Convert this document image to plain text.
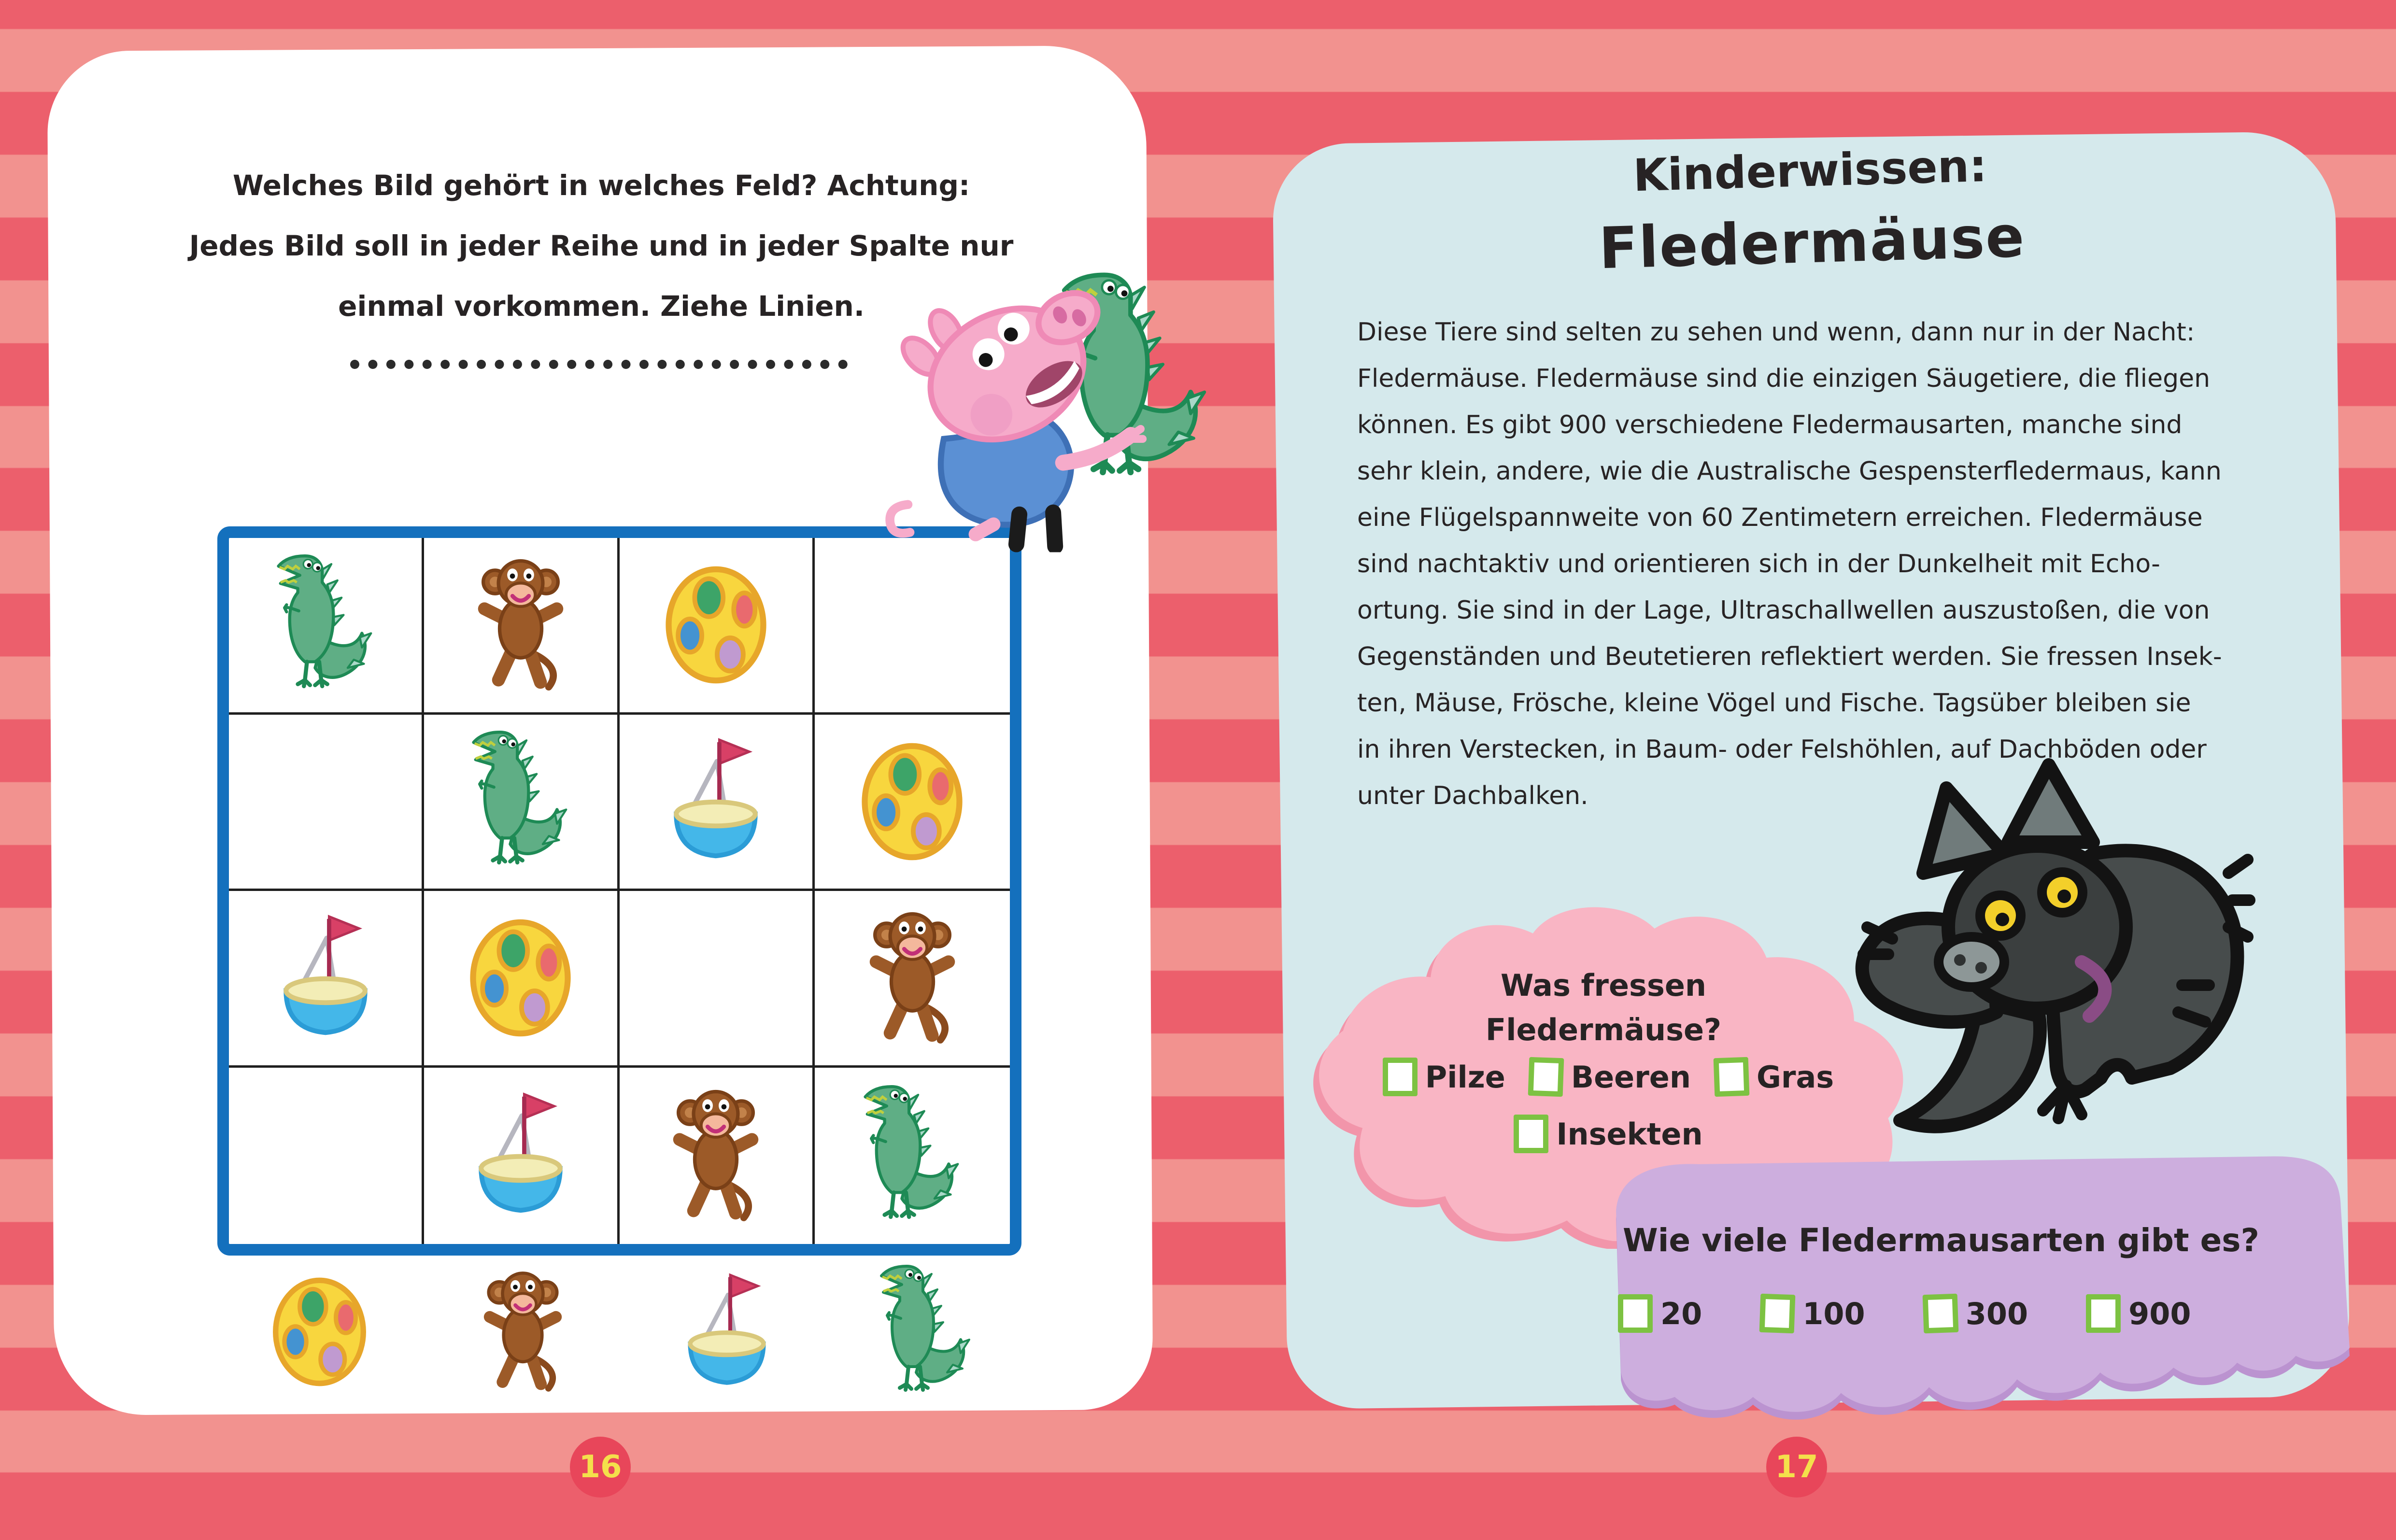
Welches Bild gehört in welches Feld? Achtung:
Jedes Bild soll in jeder Reihe und in jeder Spalte nur
einmal vorkommen. Ziehe Linien.
Kinderwissen:
Fledermäuse
Diese Tiere sind selten zu sehen und wenn, dann nur in der Nacht:
Fledermäuse. Fledermäuse sind die einzigen Säugetiere, die fliegen
können. Es gibt 900 verschiedene Fledermausarten, manche sind
sehr klein, andere, wie die Australische Gespensterfledermaus, kann
eine Flügelspannweite von 60 Zentimetern erreichen. Fledermäuse
sind nachtaktiv und orientieren sich in der Dunkelheit mit Echo-
ortung. Sie sind in der Lage, Ultraschallwellen auszustoßen, die von
Gegenständen und Beutetieren reflektiert werden. Sie fressen Insek-
ten, Mäuse, Frösche, kleine Vögel und Fische. Tagsüber bleiben sie
in ihren Verstecken, in Baum- oder Felshöhlen, auf Dachböden oder
unter Dachbalken.
Was fressen
Fledermäuse?
Pilze Beeren Gras
Insekten
Wie viele Fledermausarten gibt es?
20	100	300	900
16	17
